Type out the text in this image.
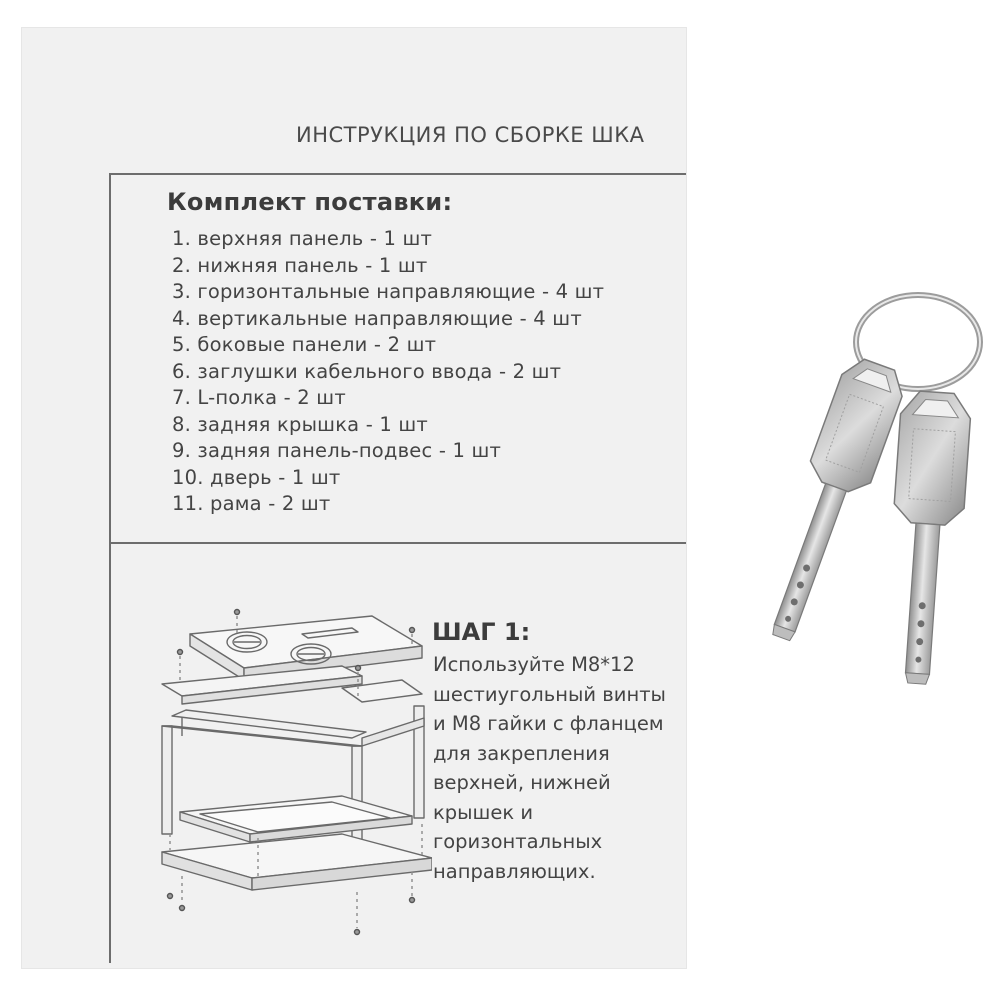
ИНСТРУКЦИЯ ПО СБОРКЕ ШКА
Комплект поставки:
1. верхняя панель - 1 шт
2. нижняя панель - 1 шт
3. горизонтальные направляющие - 4 шт
4. вертикальные направляющие - 4 шт
5. боковые панели - 2 шт
6. заглушки кабельного ввода - 2 шт
7. L-полка - 2 шт
8. задняя крышка - 1 шт
9. задняя панель-подвес - 1 шт
10. дверь - 1 шт
11. рама - 2 шт
ШАГ 1:
Используйте М8*12
шестиугольный винты
и М8 гайки с фланцем
для закрепления
верхней, нижней
крышек и
горизонтальных
направляющих.
